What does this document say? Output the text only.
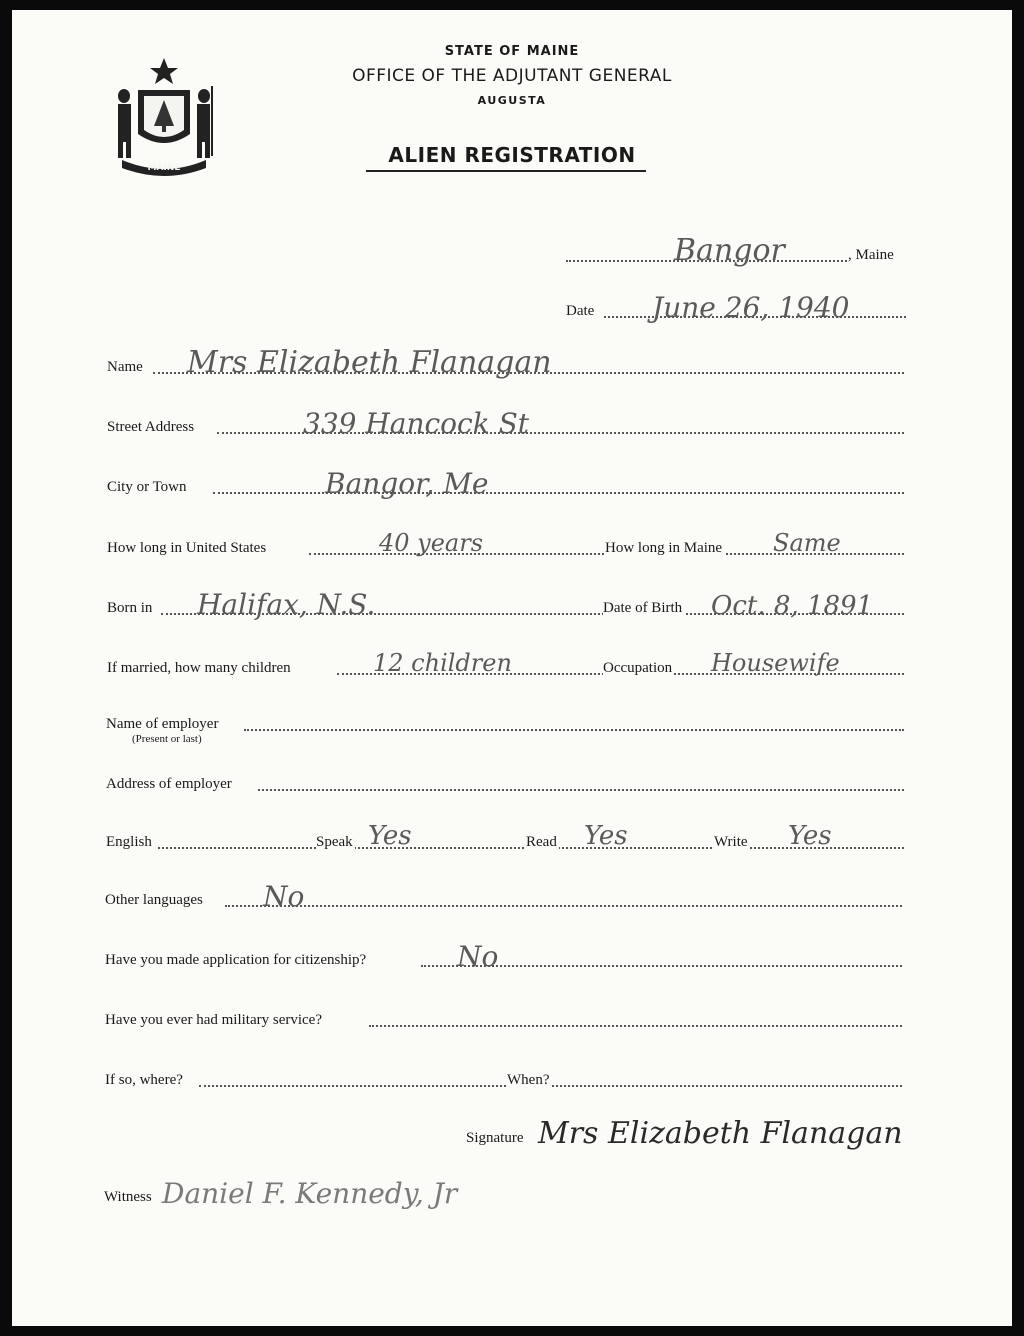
MAINE
STATE OF MAINE
OFFICE OF THE ADJUTANT GENERAL
AUGUSTA
ALIEN REGISTRATION
Bangor	, Maine
Date June 26, 1940
Name Mrs Elizabeth Flanagan
Street Address	339 Hancock St
City or Town	Bangor, Me
How long in United States	40 years	How long in Maine Same
Born in Halifax, N.S.	Date of Birth Oct. 8, 1891
If married, how many children	12 children	Occupation Housewife
Name of employer
(Present or last)
Address of employer
English	Speak Yes	Read Yes	Write Yes
Other languages No
Have you made application for citizenship?	No
Have you ever had military service?
If so, where?	When?
Signature Mrs Elizabeth Flanagan
Witness Daniel F. Kennedy, Jr
